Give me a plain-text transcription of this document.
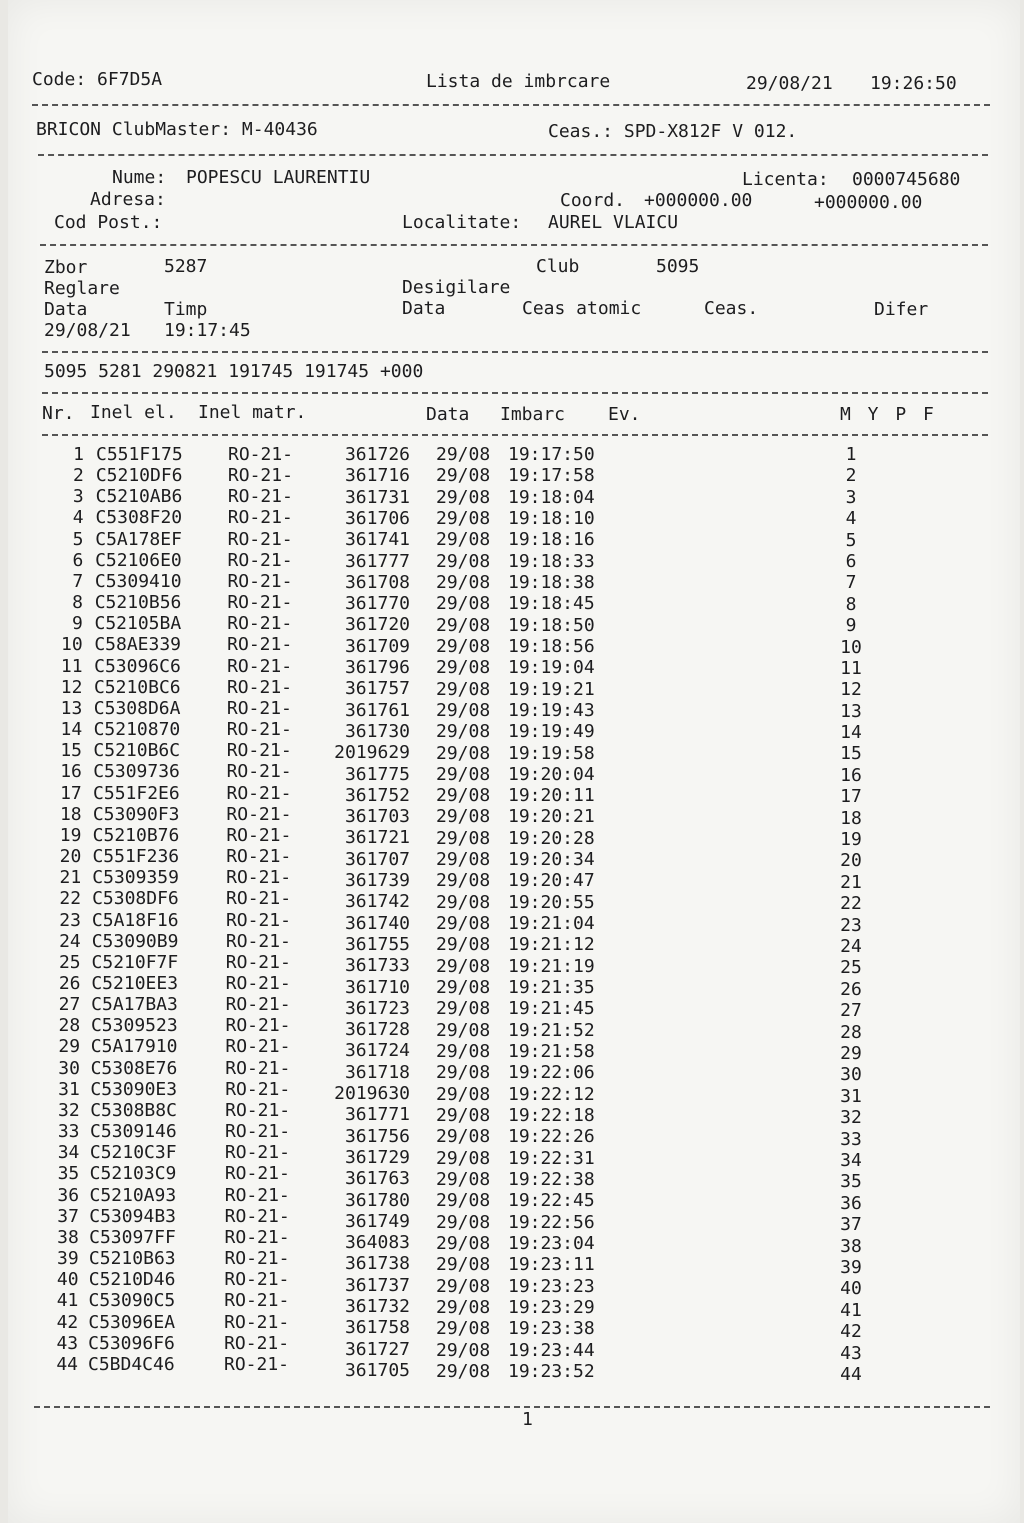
Code: 6F7D5A	Lista de imbrcare	29/08/21 19:26:50
BRICON ClubMaster: M-40436	Ceas.: SPD-X812F V 012.
Nume: POPESCU LAURENTIU	Licenta: 0000745680
Adresa:	Coord. +000000.00	+000000.00
Cod Post.:	Localitate: AUREL VLAICU
Zbor	5287	Club	5095
Reglare	Desigilare
Data	Timp	Data	Ceas atomic	Ceas.	Difer
29/08/21 19:17:45
5095 5281 290821 191745 191745 +000
Nr. Inel el. Inel matr.	Data Imbarc Ev.	M Y P F
1 C551F175	RO-21-	361726 29/08 19:17:50	1
2 C5210DF6	RO-21-	361716 29/08 19:17:58	2
3 C5210AB6	RO-21-	361731 29/08 19:18:04	3
4 C5308F20	RO-21-	361706 29/08 19:18:10	4
5 C5A178EF	RO-21-	361741 29/08 19:18:16	5
6 C52106E0	RO-21-	361777 29/08 19:18:33	6
7 C5309410	RO-21-	361708 29/08 19:18:38	7
8 C5210B56	RO-21-	361770 29/08 19:18:45	8
9 C52105BA	RO-21-	361720 29/08 19:18:50	9
10 C58AE339	RO-21-	361709 29/08 19:18:56	10
11 C53096C6	RO-21-	361796 29/08 19:19:04	11
12 C5210BC6	RO-21-	361757 29/08 19:19:21	12
13 C5308D6A	RO-21-	361761 29/08 19:19:43	13
14 C5210870	RO-21-	361730 29/08 19:19:49	14
15 C5210B6C	RO-21-	2019629 29/08 19:19:58	15
16 C5309736	RO-21-	361775 29/08 19:20:04	16
17 C551F2E6	RO-21-	361752 29/08 19:20:11	17
18 C53090F3	RO-21-	361703 29/08 19:20:21	18
19 C5210B76	RO-21-	361721 29/08 19:20:28	19
20 C551F236	RO-21-	361707 29/08 19:20:34	20
21 C5309359	RO-21-	361739 29/08 19:20:47	21
22 C5308DF6	RO-21-	361742 29/08 19:20:55	22
23 C5A18F16	RO-21-	361740 29/08 19:21:04	23
24 C53090B9	RO-21-	361755 29/08 19:21:12	24
25 C5210F7F	RO-21-	361733 29/08 19:21:19	25
26 C5210EE3	RO-21-	361710 29/08 19:21:35	26
27 C5A17BA3	RO-21-	361723 29/08 19:21:45	27
28 C5309523	RO-21-	361728 29/08 19:21:52	28
29 C5A17910	RO-21-	361724 29/08 19:21:58	29
30 C5308E76	RO-21-	361718 29/08 19:22:06	30
31 C53090E3	RO-21-	2019630 29/08 19:22:12	31
32 C5308B8C	RO-21-	361771 29/08 19:22:18	32
33 C5309146	RO-21-	361756 29/08 19:22:26	33
34 C5210C3F	RO-21-	361729 29/08 19:22:31	34
35 C52103C9	RO-21-	361763 29/08 19:22:38	35
36 C5210A93	RO-21-	361780 29/08 19:22:45	36
37 C53094B3	RO-21-	361749 29/08 19:22:56	37
38 C53097FF	RO-21-	364083 29/08 19:23:04	38
39 C5210B63	RO-21-	361738 29/08 19:23:11	39
40 C5210D46	RO-21-	361737 29/08 19:23:23	40
41 C53090C5	RO-21-	361732 29/08 19:23:29	41
42 C53096EA	RO-21-	361758 29/08 19:23:38	42
43 C53096F6	RO-21-	361727 29/08 19:23:44	43
44 C5BD4C46	RO-21-	361705 29/08 19:23:52	44
1
